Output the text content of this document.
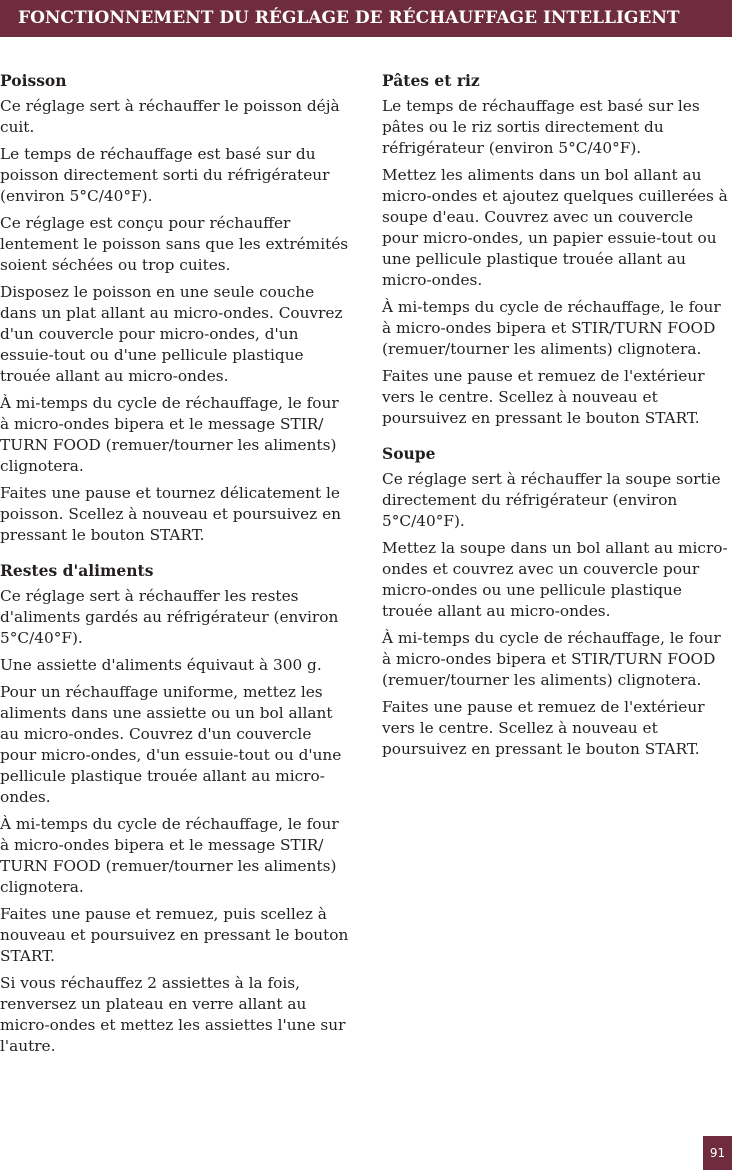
FONCTIONNEMENT DU RÉGLAGE DE RÉCHAUFFAGE INTELLIGENT
Poisson

Ce réglage sert à réchauffer le poisson déjà cuit.

Le temps de réchauffage est basé sur du poisson directement sorti du réfrigérateur (environ 5°C/40°F).

Ce réglage est conçu pour réchauffer lentement le poisson sans que les extrémités soient séchées ou trop cuites.

Disposez le poisson en une seule couche dans un plat allant au micro-ondes. Couvrez d'un couvercle pour micro-ondes, d'un essuie-tout ou d'une pellicule plastique trouée allant au micro-ondes.

À mi-temps du cycle de réchauffage, le four à micro-ondes bipera et le message STIR/ TURN FOOD (remuer/tourner les aliments) clignotera.

Faites une pause et tournez délicatement le poisson. Scellez à nouveau et poursuivez en pressant le bouton START.

Restes d'aliments

Ce réglage sert à réchauffer les restes d'aliments gardés au réfrigérateur (environ 5°C/40°F).

Une assiette d'aliments équivaut à 300 g.

Pour un réchauffage uniforme, mettez les aliments dans une assiette ou un bol allant au micro-ondes. Couvrez d'un couvercle pour micro-ondes, d'un essuie-tout ou d'une pellicule plastique trouée allant au micro-ondes.

À mi-temps du cycle de réchauffage, le four à micro-ondes bipera et le message STIR/ TURN FOOD (remuer/tourner les aliments) clignotera.

Faites une pause et remuez, puis scellez à nouveau et poursuivez en pressant le bouton START.

Si vous réchauffez 2 assiettes à la fois, renversez un plateau en verre allant au micro-ondes et mettez les assiettes l'une sur l'autre.

Pâtes et riz

Le temps de réchauffage est basé sur les pâtes ou le riz sortis directement du réfrigérateur (environ 5°C/40°F).

Mettez les aliments dans un bol allant au micro-ondes et ajoutez quelques cuillerées à soupe d'eau. Couvrez avec un couvercle pour micro-ondes, un papier essuie-tout ou une pellicule plastique trouée allant au micro-ondes.

À mi-temps du cycle de réchauffage, le four à micro-ondes bipera et STIR/TURN FOOD (remuer/tourner les aliments) clignotera.

Faites une pause et remuez de l'extérieur vers le centre. Scellez à nouveau et poursuivez en pressant le bouton START.

Soupe

Ce réglage sert à réchauffer la soupe sortie directement du réfrigérateur (environ 5°C/40°F).

Mettez la soupe dans un bol allant au micro-ondes et couvrez avec un couvercle pour micro-ondes ou une pellicule plastique trouée allant au micro-ondes.

À mi-temps du cycle de réchauffage, le four à micro-ondes bipera et STIR/TURN FOOD (remuer/tourner les aliments) clignotera.

Faites une pause et remuez de l'extérieur vers le centre. Scellez à nouveau et poursuivez en pressant le bouton START.

91
